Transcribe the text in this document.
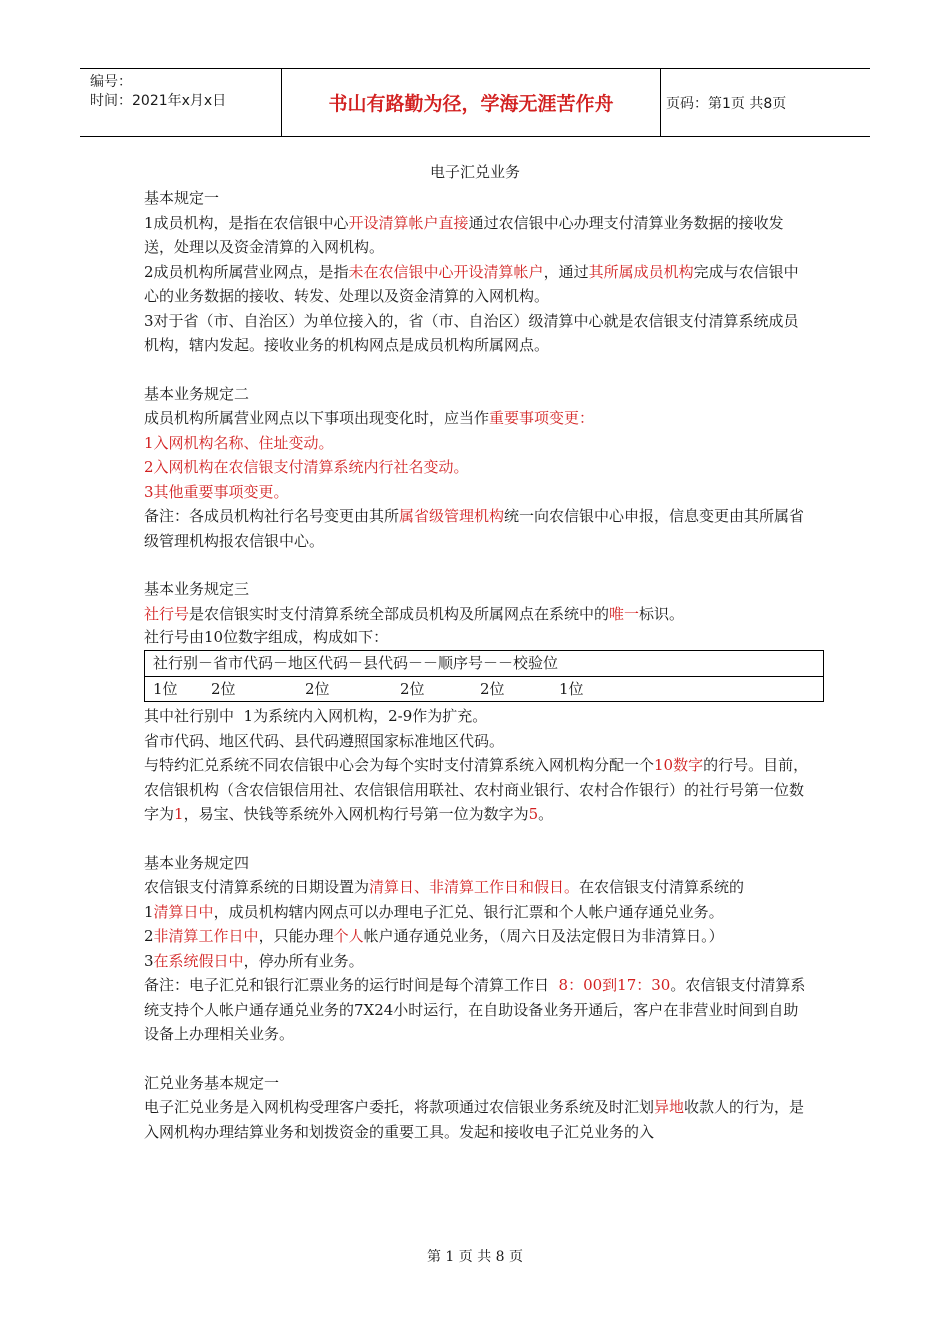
编号：
时间：2021年x月x日	书山有路勤为径，学海无涯苦作舟	页码：第1页 共8页
电子汇兑业务

基本规定一

1成员机构，是指在农信银中心开设清算帐户直接通过农信银中心办理支付清算业务数据的接收发送，处理以及资金清算的入网机构。

2成员机构所属营业网点，是指未在农信银中心开设清算帐户，通过其所属成员机构完成与农信银中心的业务数据的接收、转发、处理以及资金清算的入网机构。

3对于省（市、自治区）为单位接入的，省（市、自治区）级清算中心就是农信银支付清算系统成员机构，辖内发起。接收业务的机构网点是成员机构所属网点。

基本业务规定二

成员机构所属营业网点以下事项出现变化时，应当作重要事项变更：

1入网机构名称、住址变动。

2入网机构在农信银支付清算系统内行社名变动。

3其他重要事项变更。

备注：各成员机构社行名号变更由其所属省级管理机构统一向农信银中心申报，信息变更由其所属省级管理机构报农信银中心。

基本业务规定三

社行号是农信银实时支付清算系统全部成员机构及所属网点在系统中的唯一标识。

社行号由10位数字组成，构成如下：

社行别－省市代码－地区代码－县代码－－顺序号－－校验位
1位 2位	2位	2位	2位	1位

其中社行别中  1为系统内入网机构，2-9作为扩充。

省市代码、地区代码、县代码遵照国家标准地区代码。

与特约汇兑系统不同农信银中心会为每个实时支付清算系统入网机构分配一个10数字的行号。目前，农信银机构（含农信银信用社、农信银信用联社、农村商业银行、农村合作银行）的社行号第一位数字为1，易宝、快钱等系统外入网机构行号第一位为数字为5。

基本业务规定四

农信银支付清算系统的日期设置为清算日、非清算工作日和假日。在农信银支付清算系统的

1清算日中，成员机构辖内网点可以办理电子汇兑、银行汇票和个人帐户通存通兑业务。

2非清算工作日中，只能办理个人帐户通存通兑业务，（周六日及法定假日为非清算日。）

3在系统假日中，停办所有业务。

备注：电子汇兑和银行汇票业务的运行时间是每个清算工作日  8：00到17：30。农信银支付清算系统支持个人帐户通存通兑业务的7X24小时运行，在自助设备业务开通后，客户在非营业时间到自助设备上办理相关业务。

汇兑业务基本规定一

电子汇兑业务是入网机构受理客户委托，将款项通过农信银业务系统及时汇划异地收款人的行为，是入网机构办理结算业务和划拨资金的重要工具。发起和接收电子汇兑业务的入

第 1 页 共 8 页
